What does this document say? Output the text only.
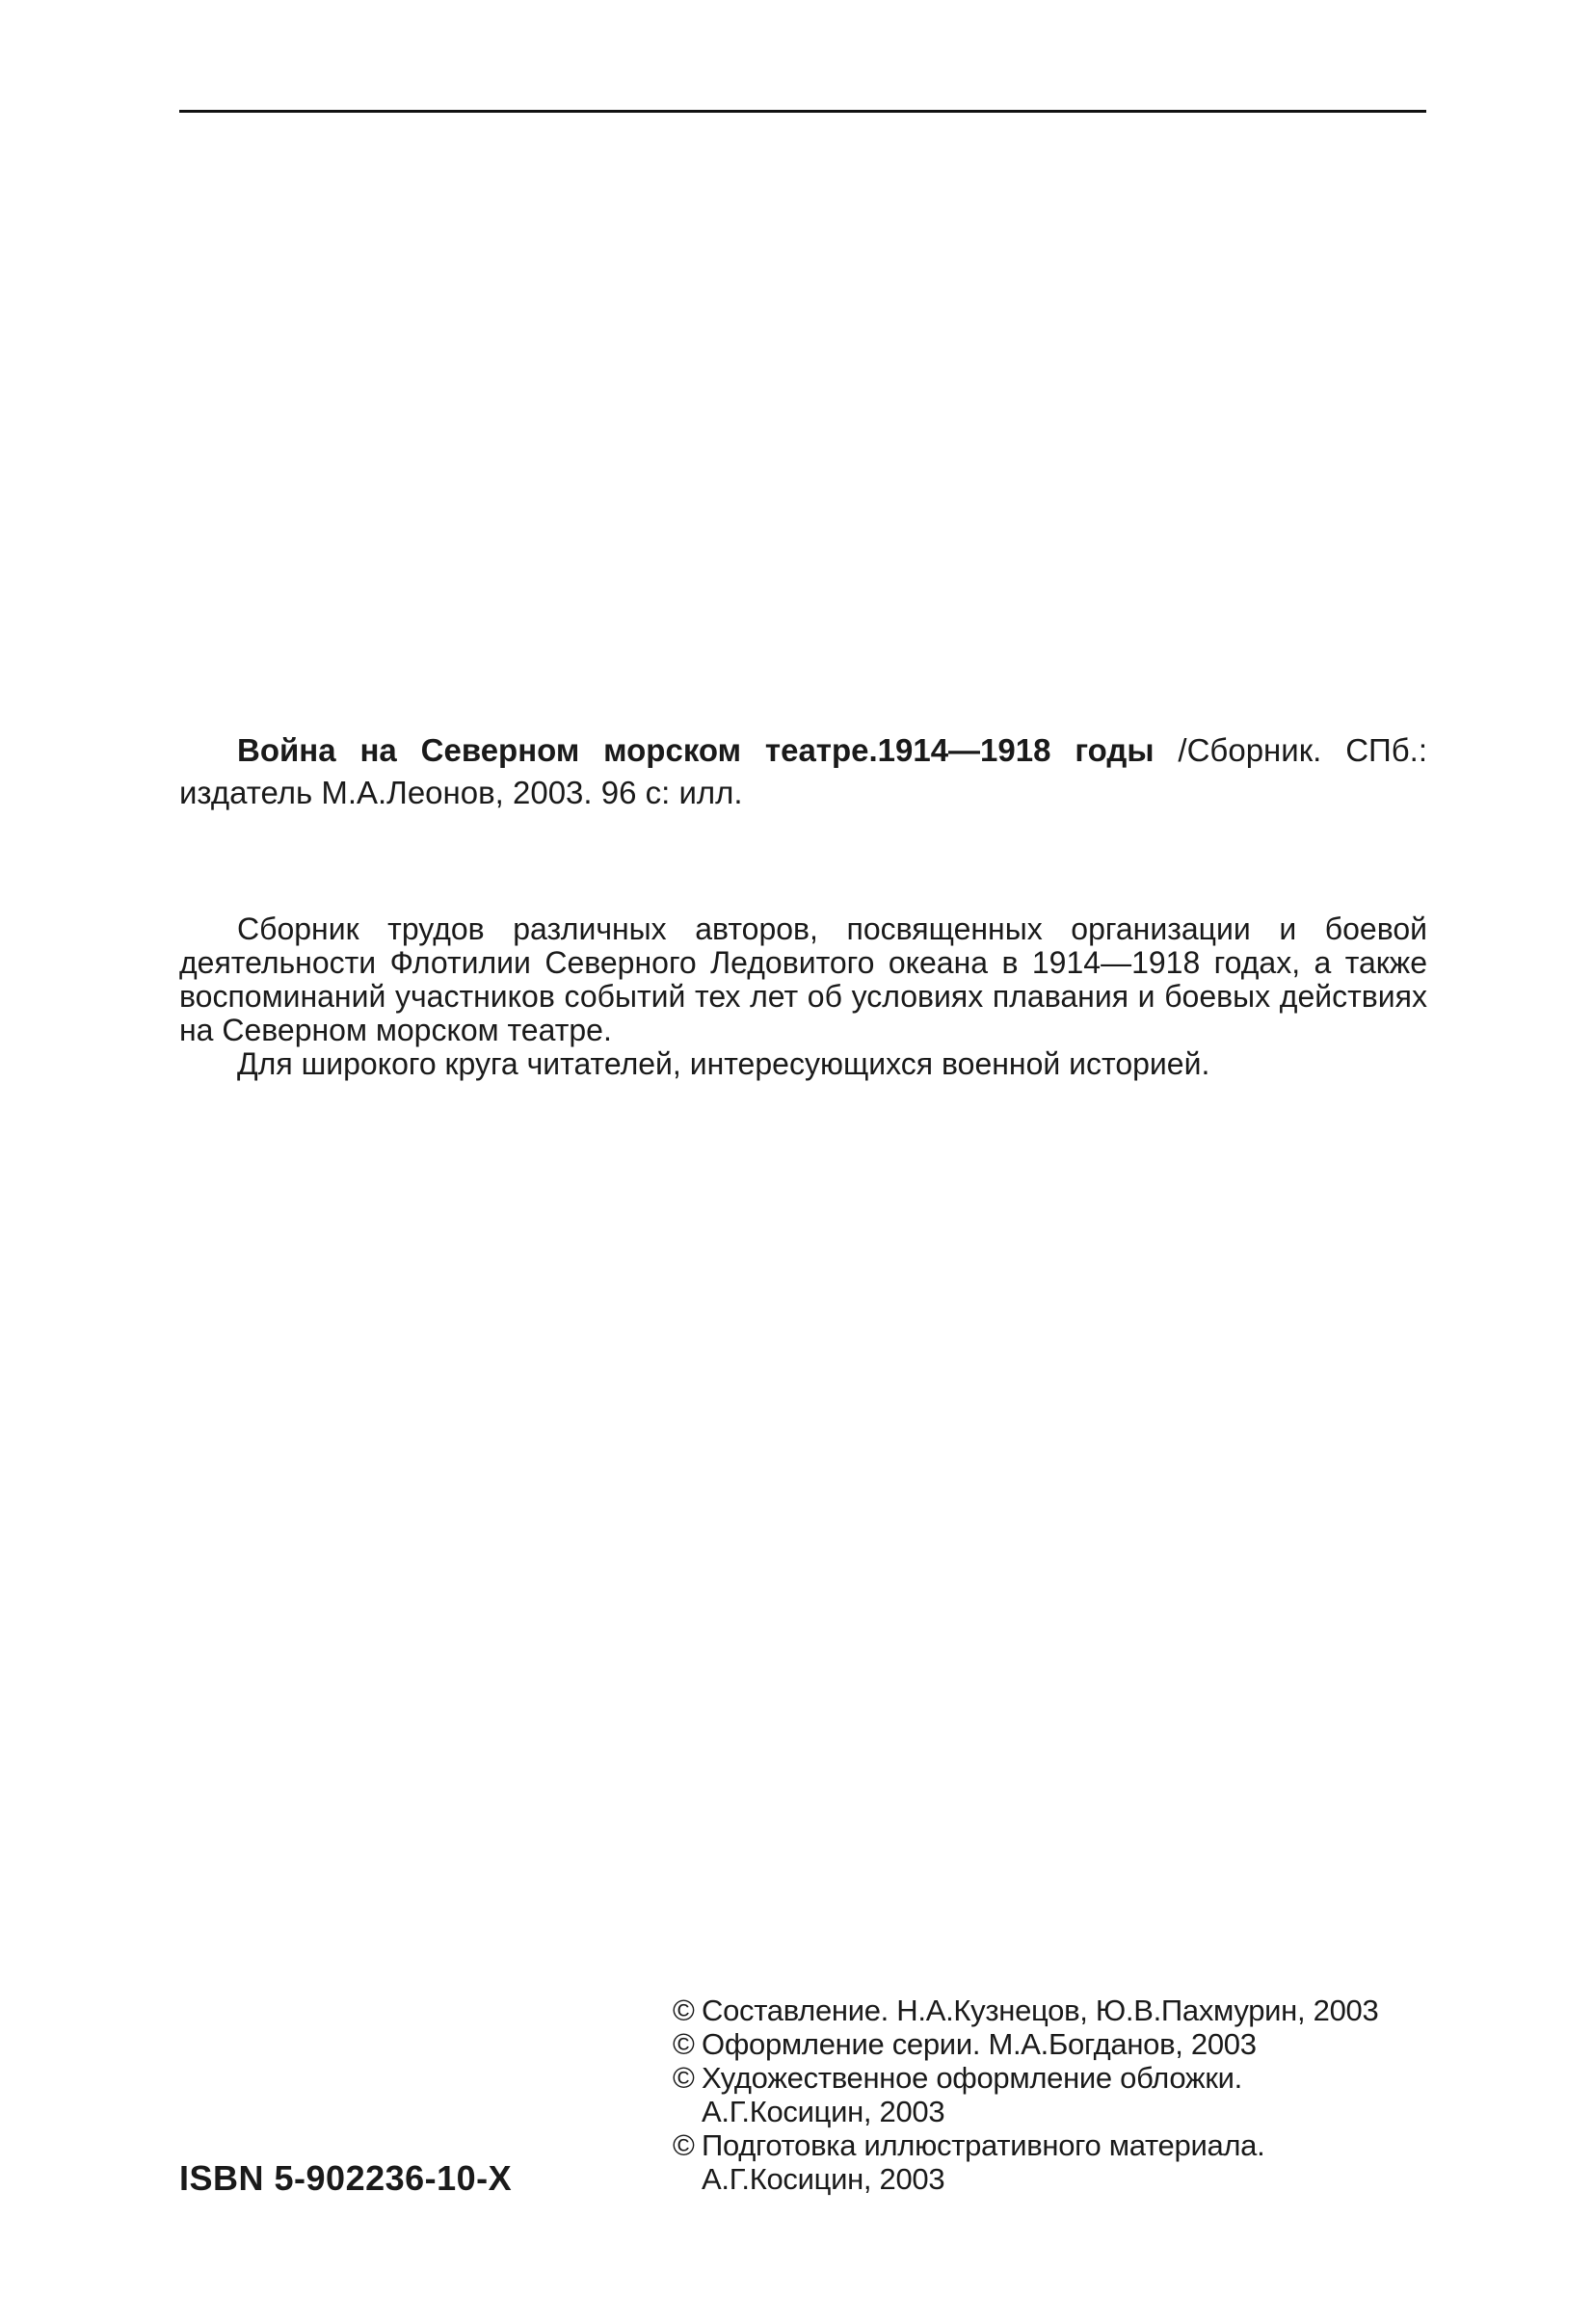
Война на Северном морском театре.1914—1918 годы /Сборник. СПб.: издатель М.А.Леонов, 2003. 96 с: илл.

Сборник трудов различных авторов, посвященных организации и боевой деятельности Флотилии Северного Ледовитого океана в 1914—1918 годах, а также воспоминаний участников событий тех лет об условиях плавания и боевых действиях на Северном морском театре.

Для широкого круга читателей, интересующихся военной историей.

© Составление. Н.А.Кузнецов, Ю.В.Пахмурин, 2003
© Оформление серии. М.А.Богданов, 2003
© Художественное оформление обложки.
А.Г.Косицин, 2003
© Подготовка иллюстративного материала.
А.Г.Косицин, 2003
ISBN 5-902236-10-X
